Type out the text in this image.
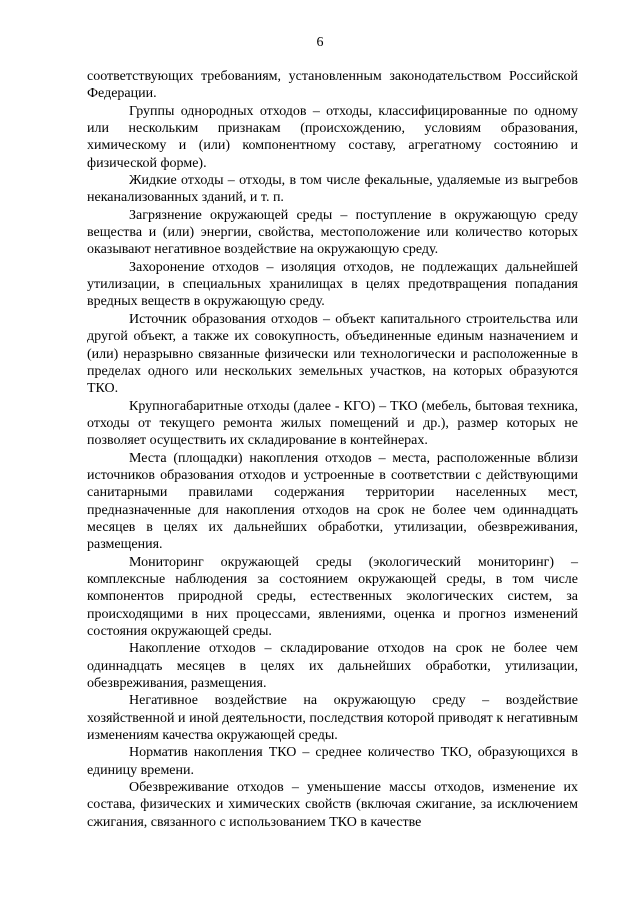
6

соответствующих требованиям, установленным законодательством Российской Федерации.

Группы однородных отходов – отходы, классифицированные по одному или нескольким признакам (происхождению, условиям образования, химическому и (или) компонентному составу, агрегатному состоянию и физической форме).

Жидкие отходы – отходы, в том числе фекальные, удаляемые из выгребов неканализованных зданий, и т. п.

Загрязнение окружающей среды – поступление в окружающую среду вещества и (или) энергии, свойства, местоположение или количество которых оказывают негативное воздействие на окружающую среду.

Захоронение отходов – изоляция отходов, не подлежащих дальнейшей утилизации, в специальных хранилищах в целях предотвращения попадания вредных веществ в окружающую среду.

Источник образования отходов – объект капитального строительства или другой объект, а также их совокупность, объединенные единым назначением и (или) неразрывно связанные физически или технологически и расположенные в пределах одного или нескольких земельных участков, на которых образуются ТКО.

Крупногабаритные отходы (далее - КГО) – ТКО (мебель, бытовая техника, отходы от текущего ремонта жилых помещений и др.), размер которых не позволяет осуществить их складирование в контейнерах.

Места (площадки) накопления отходов – места, расположенные вблизи источников образования отходов и устроенные в соответствии с действующими санитарными правилами содержания территории населенных мест, предназначенные для накопления отходов на срок не более чем одиннадцать месяцев в целях их дальнейших обработки, утилизации, обезвреживания, размещения.

Мониторинг окружающей среды (экологический мониторинг) – комплексные наблюдения за состоянием окружающей среды, в том числе компонентов природной среды, естественных экологических систем, за происходящими в них процессами, явлениями, оценка и прогноз изменений состояния окружающей среды.

Накопление отходов – складирование отходов на срок не более чем одиннадцать месяцев в целях их дальнейших обработки, утилизации, обезвреживания, размещения.

Негативное воздействие на окружающую среду – воздействие хозяйственной и иной деятельности, последствия которой приводят к негативным изменениям качества окружающей среды.

Норматив накопления ТКО – среднее количество ТКО, образующихся в единицу времени.

Обезвреживание отходов – уменьшение массы отходов, изменение их состава, физических и химических свойств (включая сжигание, за исключением сжигания, связанного с использованием ТКО в качестве
